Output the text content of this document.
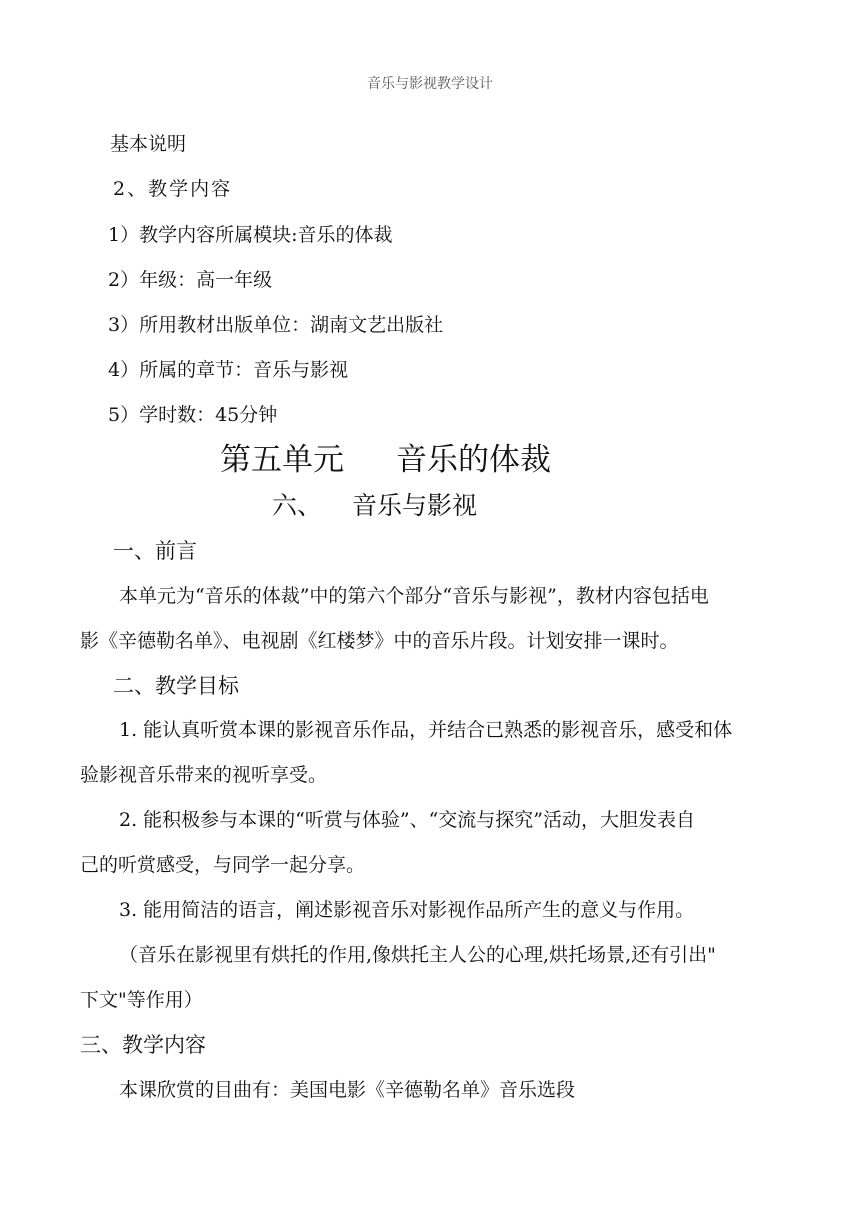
音乐与影视教学设计
基本说明
2、教学内容
1）教学内容所属模块:音乐的体裁
2）年级：高一年级
3）所用教材出版单位：湖南文艺出版社
4）所属的章节：音乐与影视
5）学时数：45分钟
第五单元 音乐的体裁
六、 音乐与影视
一、前言
本单元为“音乐的体裁”中的第六个部分“音乐与影视”，教材内容包括电
影《辛德勒名单》、电视剧《红楼梦》中的音乐片段。计划安排一课时。
二、教学目标
1. 能认真听赏本课的影视音乐作品，并结合已熟悉的影视音乐，感受和体
验影视音乐带来的视听享受。
2. 能积极参与本课的“听赏与体验”、“交流与探究”活动，大胆发表自
己的听赏感受，与同学一起分享。
3. 能用简洁的语言，阐述影视音乐对影视作品所产生的意义与作用。
（音乐在影视里有烘托的作用,像烘托主人公的心理,烘托场景,还有引出"
下文"等作用）
三、教学内容
本课欣赏的目曲有：美国电影《辛德勒名单》音乐选段
